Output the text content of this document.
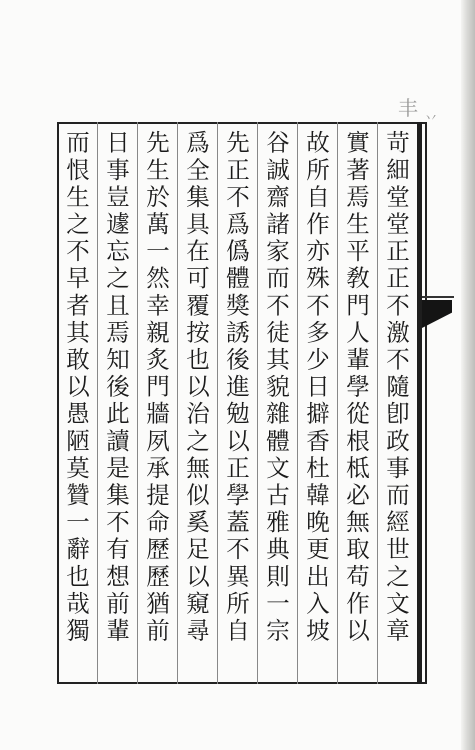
丰 丷
苛細堂堂正正不激不隨卽政事而經世之文章
實著焉生平敎門人輩學從根柢必無取苟作以
故所自作亦殊不多少日擗香杜韓晚更出入坡
谷誠齋諸家而不徒其貌雜體文古雅典則一宗
先正不爲僞體獎誘後進勉以正學蓋不異所自
爲全集具在可覆按也以治之無似奚足以窺尋
先生於萬一然幸親炙門牆夙承提命歷歷猶前
日事豈遽忘之且焉知後此讀是集不有想前輩
而恨生之不早者其敢以愚陋莫贊一辭也哉獨
